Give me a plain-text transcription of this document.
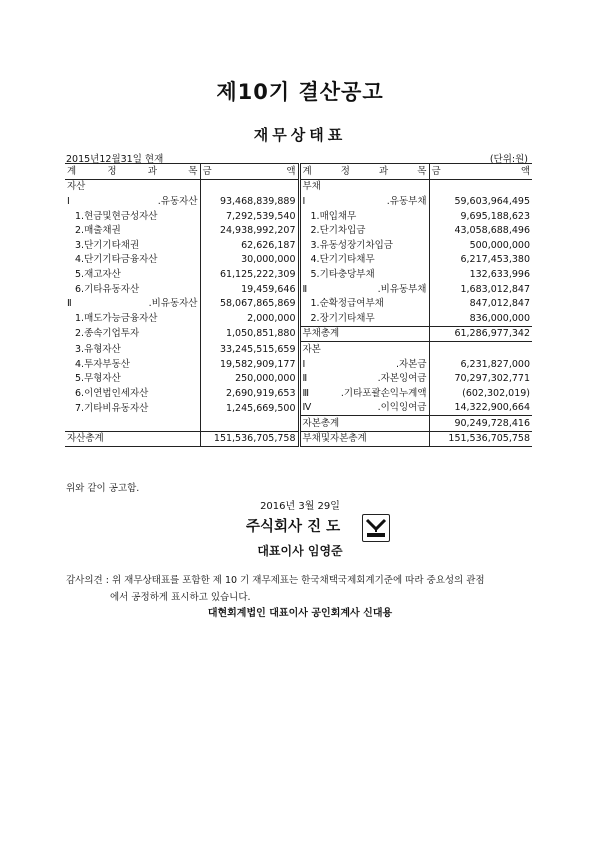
제10기 결산공고
재무상태표
2015년12월31일 현재	(단위:원)
계 정 과 목	금 액	계 정 과 목	금 액

자산		부채	
Ⅰ.유동자산	93,468,839,889	Ⅰ.유동부채	59,603,964,495
1.현금및현금성자산	7,292,539,540	1.매입채무	9,695,188,623
2.매출채권	24,938,992,207	2.단기차입금	43,058,688,496
3.단기기타채권	62,626,187	3.유동성장기차입금	500,000,000
4.단기기타금융자산	30,000,000	4.단기기타채무	6,217,453,380
5.재고자산	61,125,222,309	5.기타충당부채	132,633,996
6.기타유동자산	19,459,646	Ⅱ.비유동부채	1,683,012,847
Ⅱ.비유동자산	58,067,865,869	1.순확정급여부채	847,012,847
1.매도가능금융자산	2,000,000	2.장기기타채무	836,000,000
2.종속기업투자	1,050,851,880	부채총계	61,286,977,342
3.유형자산	33,245,515,659	자본	
4.투자부동산	19,582,909,177	Ⅰ.자본금	6,231,827,000
5.무형자산	250,000,000	Ⅱ.자본잉여금	70,297,302,771
6.이연법인세자산	2,690,919,653	Ⅲ.기타포괄손익누계액	(602,302,019)
7.기타비유동자산	1,245,669,500	Ⅳ.이익잉여금	14,322,900,664
		자본총계	90,249,728,416
자산총계	151,536,705,758	부채및자본총계	151,536,705,758
위와 같이 공고함.
2016년 3월 29일
주식회사 진 도
대표이사 임영준
감사의견 : 위 재무상태표를 포함한 제 10 기 재무제표는 한국채택국제회계기준에 따라 중요성의 관점
에서 공정하게 표시하고 있습니다.
대현회계법인 대표이사 공인회계사 신대용
